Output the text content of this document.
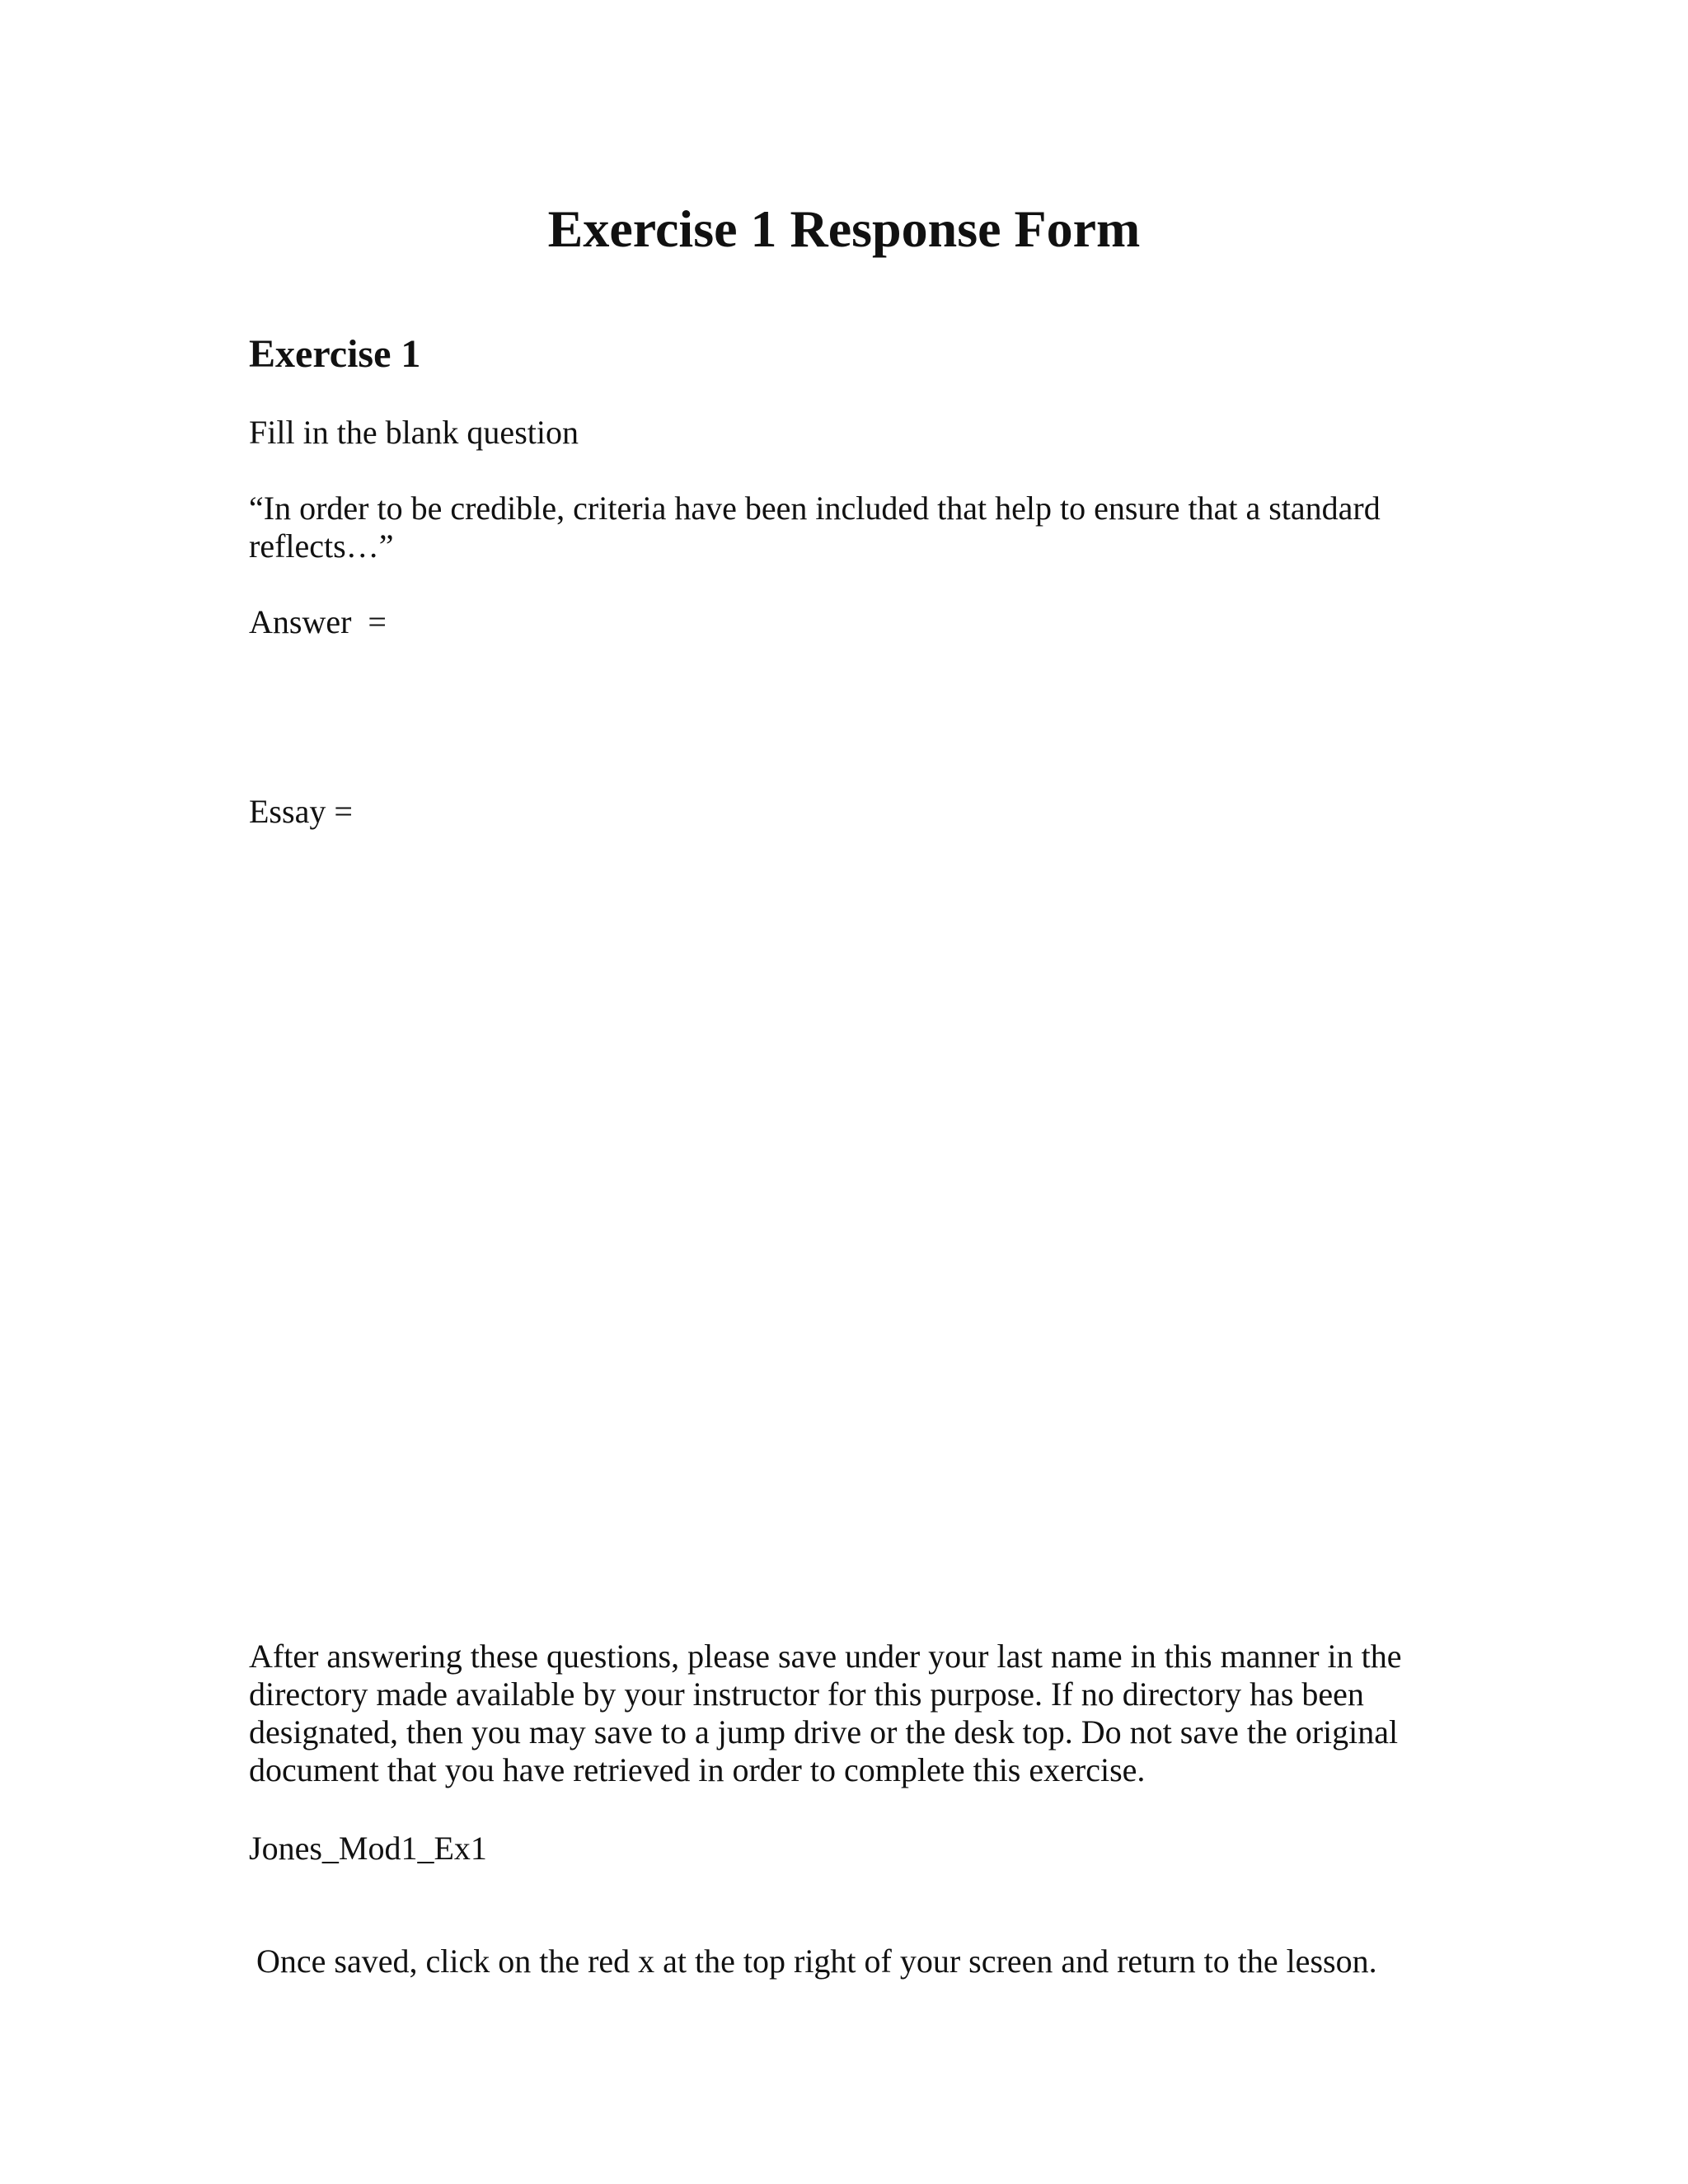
Exercise 1 Response Form
Exercise 1

Fill in the blank question

“In order to be credible, criteria have been included that help to ensure that a standard reflects…”

Answer  =

Essay =

After answering these questions, please save under your last name in this manner in the directory made available by your instructor for this purpose. If no directory has been designated, then you may save to a jump drive or the desk top. Do not save the original document that you have retrieved in order to complete this exercise.

Jones_Mod1_Ex1

Once saved, click on the red x at the top right of your screen and return to the lesson.
